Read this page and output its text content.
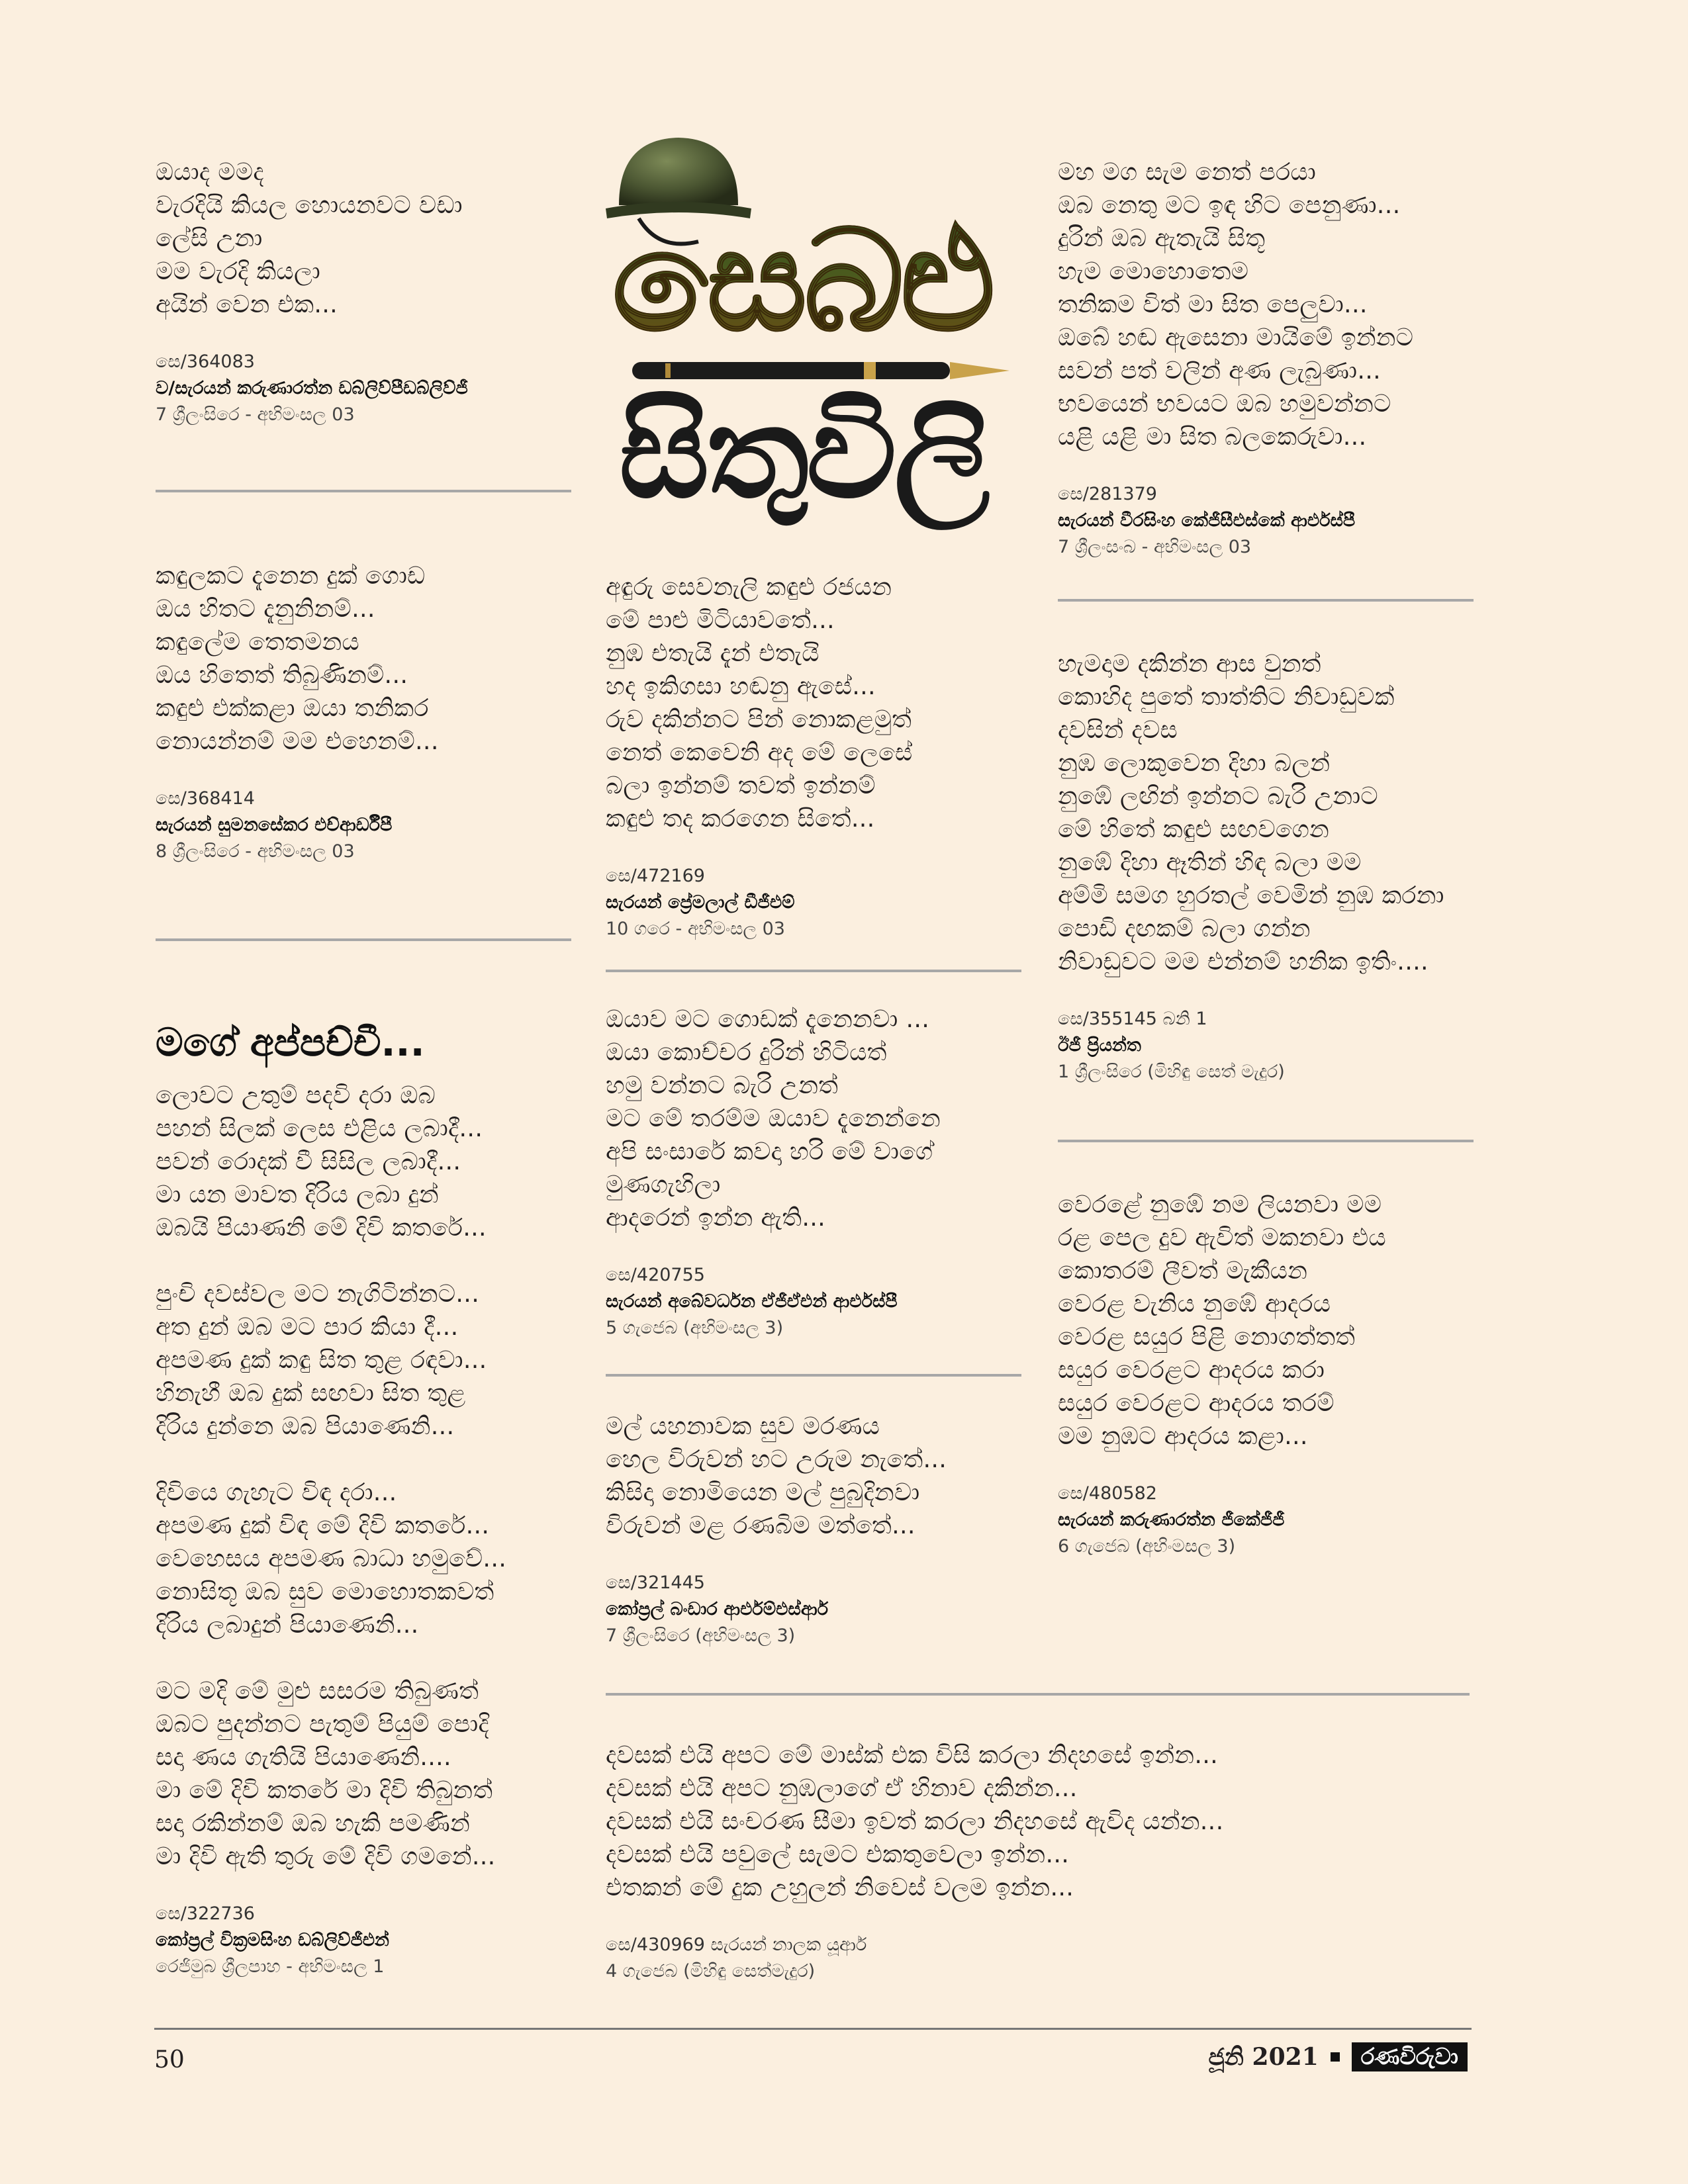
සෙබළු
සිතුවිලි
ඔයාද මමද
වැරදියි කියල හොයනවට වඩා
ලේසි උනා
මම වැරදි කියලා
අයින් වෙන එක...
සෙ/364083
ව/සැරයන් කරුණාරත්න ඩබ්ලිව්පීඩබ්ලිව්ජී
7 ශ්‍රීලංසිරෙ - අභිමංසල 03
කඳුලකට දැනෙන දුක් ගොඩ
ඔය හිතට දැනුනිනම්...
කඳුලේම තෙතමනය
ඔය හිතෙත් තිබුණිනම්...
කඳුළු එක්කළා ඔයා තනිකර
නොයන්නම් මම එහෙනම්...
සෙ/368414
සැරයන් සුමනසේකර එච්ආර්ඩීපී
8 ශ්‍රීලංසිරෙ - අභිමංසල 03
මගේ අප්පච්චී...
ලොවට උතුම් පදවි දරා ඔබ
පහන් සිලක් ලෙස එළිය ලබාදී...
පවන් රොදක් වී සිසිල ලබාදී...
මා යන මාවත දිරිය ලබා දුන්
ඔබයි පියාණනි මේ දිවි කතරේ...
පුංචි දවස්වල මට නැගිටින්නට...
අත දුන් ඔබ මට පාර කියා දී...
අපමණ දුක් කඳු සිත තුළ රඳවා...
හිනැහී ඔබ දුක් සඟවා සිත තුළ
දිරිය දුන්නෙ ඔබ පියාණෙනි...
දිවියෙ ගැහැට විඳ දරා...
අපමණ දුක් විඳ මේ දිවි කතරේ...
වෙහෙසය අපමණ බාධා හමුවේ...
නොසිතූ ඔබ සුව මොහොතකවත්
දිරිය ලබාදුන් පියාණෙනි...
මට මදි මේ මුළු සසරම තිබුණත්
ඔබට පුදන්නට පැතුම් පියුම් පොදි
සදා ණය ගැතියි පියාණෙනි....
මා මේ දිවි කතරේ මා දිවි තිබුනත්
සදා රකින්නම් ඔබ හැකි පමණින්
මා දිවි ඇති තුරු මේ දිවි ගමනේ...
සෙ/322736
කෝප්‍රල් වික්‍රමසිංහ ඩබ්ලිව්ජීඑන්
රෙජිමුබ ශ්‍රීලපාහ - අභිමංසල 1
අඳුරු සෙවනැලි කඳුළු රජයන
මේ පාළු මිටියාවතේ...
නුඹ එතැයි දැන් එතැයි
හද ඉකිගසා හඬනු ඇසේ...
රුව දකින්නට පින් නොකළමුත්
නෙත් කෙවෙනි අද මේ ලෙසේ
බලා ඉන්නම් තවත් ඉන්නම්
කඳුළු තද කරගෙන සිතේ...
සෙ/472169
සැරයන් ප්‍රේමලාල් ඩීජීඑම්
10 ගරෙ - අභිමංසල 03
ඔයාව මට ගොඩක් දැනෙනවා ...
ඔයා කොච්චර දුරින් හිටියත්
හමු වන්නට බැරි උනත්
මට මේ තරම්ම ඔයාව දැනෙන්නෙ
අපි සංසාරේ කවදා හරි මේ වාගේ
මුණගැහිලා
ආදරෙන් ඉන්න ඇති...
සෙ/420755
සැරයන් අබේවර්ධන ඒජීඒඑන් ආර්එස්පී
5 ගැජෙබ (අභිමංසල 3)
මල් යහනාවක සුව මරණය
හෙල විරුවන් හට උරුම නැතේ...
කිසිදා නොමියෙන මල් පුබුදිනවා
විරුවන් මළ රණබිම මත්තේ...
සෙ/321445
කෝප්‍රල් බංඩාර ආර්එම්එස්ආර්
7 ශ්‍රීලංසිරෙ (අභිමංසල 3)
දවසක් එයි අපට මේ මාස්ක් එක විසි කරලා නිදහසේ ඉන්න...
දවසක් එයි අපට නුඹලාගේ ඒ හිනාව දකින්න...
දවසක් එයි සංචරණ සීමා ඉවත් කරලා නිදහසේ ඇවිද යන්න...
දවසක් එයි පවුලේ සැමට එකතුවෙලා ඉන්න...
එතකන් මේ දුක උහුලන් නිවෙස් වලම ඉන්න...
සෙ/430969 සැරයන් නාලක යූආර්
4 ගැජෙබ (මිහිඳු සෙත්මැදුර)
මහ මග සැම නෙත් පරයා
ඔබ නෙතු මට ඉඳ හිට පෙනුණා...
දුරින් ඔබ ඇතැයි සිතූ
හැම මොහොතෙම
තනිකම විත් මා සිත පෙලුවා...
ඔබේ හඬ ඇසෙනා මායිමේ ඉන්නට
සවන් පත් වලින් අණ ලැබුණා...
භවයෙන් භවයට ඔබ හමුවන්නට
යළි යළි මා සිත බලකෙරුවා...
සෙ/281379
සැරයන් වීරසිංහ කේජීසීඑස්කේ ආර්එස්පී
7 ශ්‍රීලංසංබ - අභිමංසල 03
හැමදාම දකින්න ආස වුනත්
කොහිද පුතේ තාත්තිට නිවාඩුවක්
දවසින් දවස
නුඹ ලොකුවෙන දිහා බලන්
නුඹේ ලඟින් ඉන්නට බැරි උනාට
මේ හිතේ කඳුළු සඟවගෙන
නුඹේ දිහා ඈතින් හිඳ බලා මම
අම්මි සමග හුරතල් වෙමින් නුඹ කරනා
පොඩි දඟකම් බලා ගන්න
නිවාඩුවට මම එන්නම් හනික ඉතිං....
සෙ/355145 බනි 1
ඊජී ප්‍රියන්ත
1 ශ්‍රීලංසිරෙ (මිහිඳු සෙත් මැදුර)
වෙරළේ නුඹේ නම ලියනවා මම
රළ පෙල දුව ඇවිත් මකනවා එය
කොතරම් ලීවත් මැකීයන
වෙරළ වැනිය නුඹේ ආදරය
වෙරළ සයුර පිළි නොගත්තත්
සයුර වෙරළට ආදරය කරා
සයුර වෙරළට ආදරය තරම්
මම නුඹට ආදරය කළා...
සෙ/480582
සැරයන් කරුණාරත්න ජීකේජීජී
6 ගැජෙබ (අභිංමසල 3)
50	ජූනි 2021	රණවිරුවා
